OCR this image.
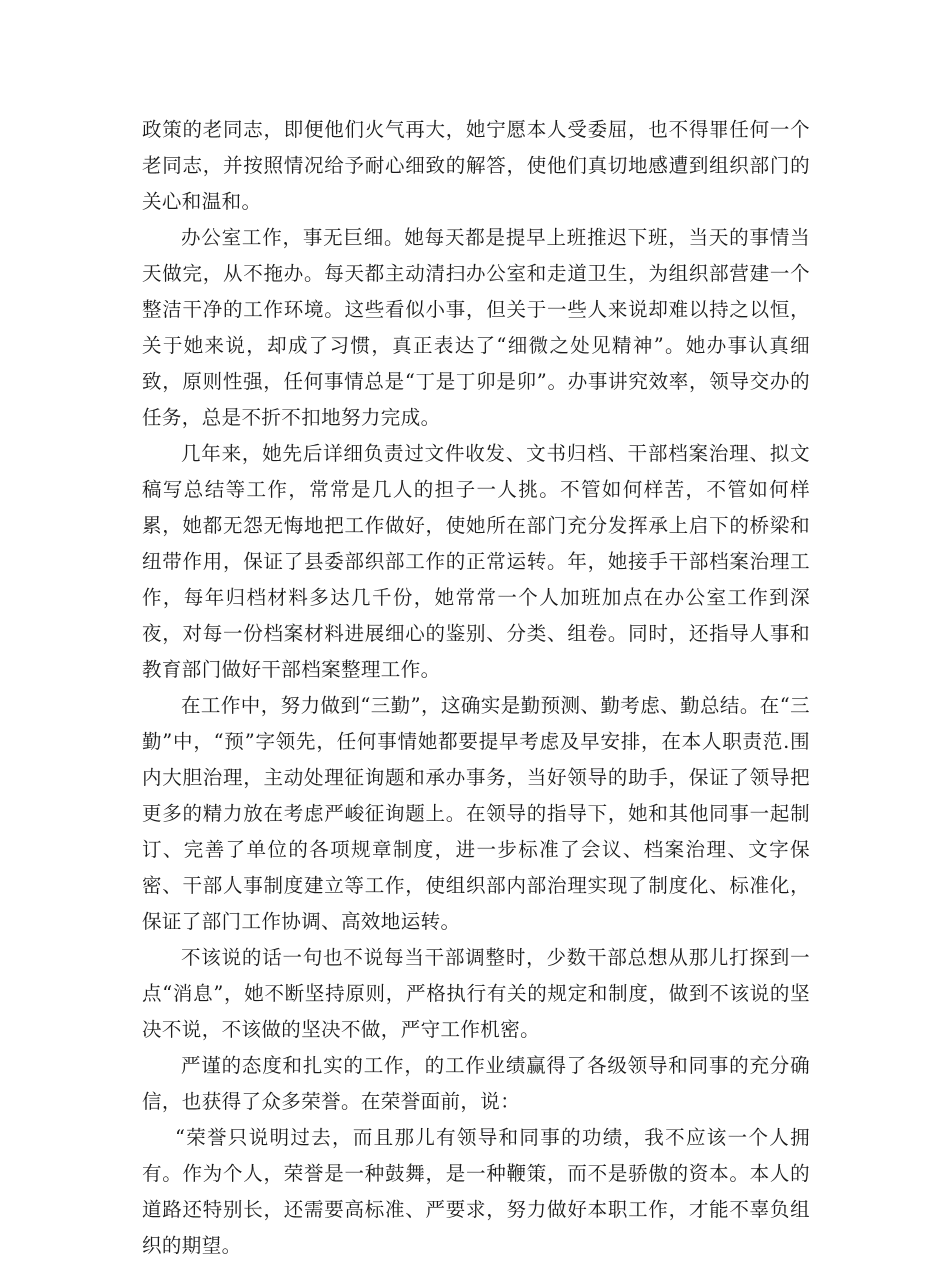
政策的老同志，即便他们火气再大，她宁愿本人受委屈，也不得罪任何一个老同志，并按照情况给予耐心细致的解答，使他们真切地感遭到组织部门的关心和温和。

办公室工作，事无巨细。她每天都是提早上班推迟下班，当天的事情当天做完，从不拖办。每天都主动清扫办公室和走道卫生，为组织部营建一个整洁干净的工作环境。这些看似小事，但关于一些人来说却难以持之以恒，关于她来说，却成了习惯，真正表达了“细微之处见精神”。她办事认真细致，原则性强，任何事情总是“丁是丁卯是卯”。办事讲究效率，领导交办的任务，总是不折不扣地努力完成。

几年来，她先后详细负责过文件收发、文书归档、干部档案治理、拟文稿写总结等工作，常常是几人的担子一人挑。不管如何样苦，不管如何样累，她都无怨无悔地把工作做好，使她所在部门充分发挥承上启下的桥梁和纽带作用，保证了县委部织部工作的正常运转。年，她接手干部档案治理工作，每年归档材料多达几千份，她常常一个人加班加点在办公室工作到深夜，对每一份档案材料进展细心的鉴别、分类、组卷。同时，还指导人事和教育部门做好干部档案整理工作。

在工作中，努力做到“三勤”，这确实是勤预测、勤考虑、勤总结。在“三勤”中，“预”字领先，任何事情她都要提早考虑及早安排，在本人职责范.围内大胆治理，主动处理征询题和承办事务，当好领导的助手，保证了领导把更多的精力放在考虑严峻征询题上。在领导的指导下，她和其他同事一起制订、完善了单位的各项规章制度，进一步标准了会议、档案治理、文字保密、干部人事制度建立等工作，使组织部内部治理实现了制度化、标准化，保证了部门工作协调、高效地运转。

不该说的话一句也不说每当干部调整时，少数干部总想从那儿打探到一点“消息”，她不断坚持原则，严格执行有关的规定和制度，做到不该说的坚决不说，不该做的坚决不做，严守工作机密。

严谨的态度和扎实的工作，的工作业绩赢得了各级领导和同事的充分确信，也获得了众多荣誉。在荣誉面前，说：

“荣誉只说明过去，而且那儿有领导和同事的功绩，我不应该一个人拥有。作为个人，荣誉是一种鼓舞，是一种鞭策，而不是骄傲的资本。本人的道路还特别长，还需要高标准、严要求，努力做好本职工作，才能不辜负组织的期望。
